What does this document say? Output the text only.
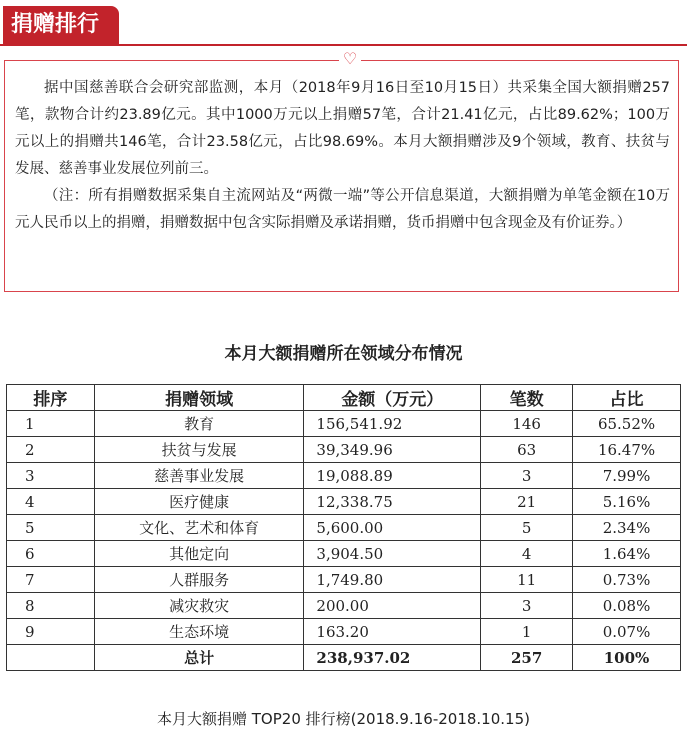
捐赠排行
♡

据中国慈善联合会研究部监测，本月（2018年9月16日至10月15日）共采集全国大额捐赠257笔，款物合计约23.89亿元。其中1000万元以上捐赠57笔，合计21.41亿元，占比89.62%；100万元以上的捐赠共146笔，合计23.58亿元，占比98.69%。本月大额捐赠涉及9个领域，教育、扶贫与发展、慈善事业发展位列前三。

（注：所有捐赠数据采集自主流网站及“两微一端”等公开信息渠道，大额捐赠为单笔金额在10万元人民币以上的捐赠，捐赠数据中包含实际捐赠及承诺捐赠，货币捐赠中包含现金及有价证券。）

本月大额捐赠所在领域分布情况
排序	捐赠领域	金额（万元）	笔数	占比
1	教育	156,541.92	146	65.52%
2	扶贫与发展	39,349.96	63	16.47%
3	慈善事业发展	19,088.89	3	7.99%
4	医疗健康	12,338.75	21	5.16%
5	文化、艺术和体育	5,600.00	5	2.34%
6	其他定向	3,904.50	4	1.64%
7	人群服务	1,749.80	11	0.73%
8	减灾救灾	200.00	3	0.08%
9	生态环境	163.20	1	0.07%
	总计	238,937.02	257	100%
本月大额捐赠 TOP20 排行榜(2018.9.16-2018.10.15)
